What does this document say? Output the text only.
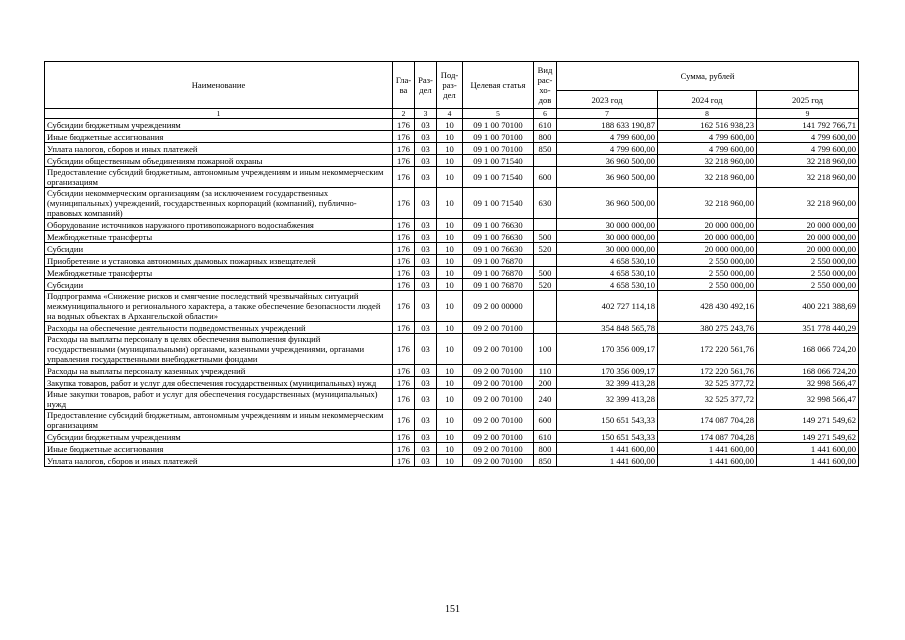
Наименование	Гла-ва	Раз-дел	Под-раз-дел	Целевая статья	Вид рас-хо-дов	Сумма, рублей		
						2023 год	2024 год	2025 год
1	2	3	4	5	6	7	8	9
Субсидии бюджетным учреждениям	176	03	10	09 1 00 70100	610	188 633 190,87	162 516 938,23	141 792 766,71
Иные бюджетные ассигнования	176	03	10	09 1 00 70100	800	4 799 600,00	4 799 600,00	4 799 600,00
Уплата налогов, сборов и иных платежей	176	03	10	09 1 00 70100	850	4 799 600,00	4 799 600,00	4 799 600,00
Субсидии общественным объединениям пожарной охраны	176	03	10	09 1 00 71540		36 960 500,00	32 218 960,00	32 218 960,00
Предоставление субсидий бюджетным, автономным учреждениям и иным некоммерческим организациям	176	03	10	09 1 00 71540	600	36 960 500,00	32 218 960,00	32 218 960,00
Субсидии некоммерческим организациям (за исключением государственных (муниципальных) учреждений, государственных корпораций (компаний), публично-правовых компаний)	176	03	10	09 1 00 71540	630	36 960 500,00	32 218 960,00	32 218 960,00
Оборудование источников наружного противопожарного водоснабжения	176	03	10	09 1 00 76630		30 000 000,00	20 000 000,00	20 000 000,00
Межбюджетные трансферты	176	03	10	09 1 00 76630	500	30 000 000,00	20 000 000,00	20 000 000,00
Субсидии	176	03	10	09 1 00 76630	520	30 000 000,00	20 000 000,00	20 000 000,00
Приобретение и установка автономных дымовых пожарных извещателей	176	03	10	09 1 00 76870		4 658 530,10	2 550 000,00	2 550 000,00
Межбюджетные трансферты	176	03	10	09 1 00 76870	500	4 658 530,10	2 550 000,00	2 550 000,00
Субсидии	176	03	10	09 1 00 76870	520	4 658 530,10	2 550 000,00	2 550 000,00
Подпрограмма «Снижение рисков и смягчение последствий чрезвычайных ситуаций межмуниципального и регионального характера, а также обеспечение безопасности людей на водных объектах в Архангельской области»	176	03	10	09 2 00 00000		402 727 114,18	428 430 492,16	400 221 388,69
Расходы на обеспечение деятельности подведомственных учреждений	176	03	10	09 2 00 70100		354 848 565,78	380 275 243,76	351 778 440,29
Расходы на выплаты персоналу в целях обеспечения выполнения функций государственными (муниципальными) органами, казенными учреждениями, органами управления государственными внебюджетными фондами	176	03	10	09 2 00 70100	100	170 356 009,17	172 220 561,76	168 066 724,20
Расходы на выплаты персоналу казенных учреждений	176	03	10	09 2 00 70100	110	170 356 009,17	172 220 561,76	168 066 724,20
Закупка товаров, работ и услуг для обеспечения государственных (муниципальных) нужд	176	03	10	09 2 00 70100	200	32 399 413,28	32 525 377,72	32 998 566,47
Иные закупки товаров, работ и услуг для обеспечения государственных (муниципальных) нужд	176	03	10	09 2 00 70100	240	32 399 413,28	32 525 377,72	32 998 566,47
Предоставление субсидий бюджетным, автономным учреждениям и иным некоммерческим организациям	176	03	10	09 2 00 70100	600	150 651 543,33	174 087 704,28	149 271 549,62
Субсидии бюджетным учреждениям	176	03	10	09 2 00 70100	610	150 651 543,33	174 087 704,28	149 271 549,62
Иные бюджетные ассигнования	176	03	10	09 2 00 70100	800	1 441 600,00	1 441 600,00	1 441 600,00
Уплата налогов, сборов и иных платежей	176	03	10	09 2 00 70100	850	1 441 600,00	1 441 600,00	1 441 600,00
151
